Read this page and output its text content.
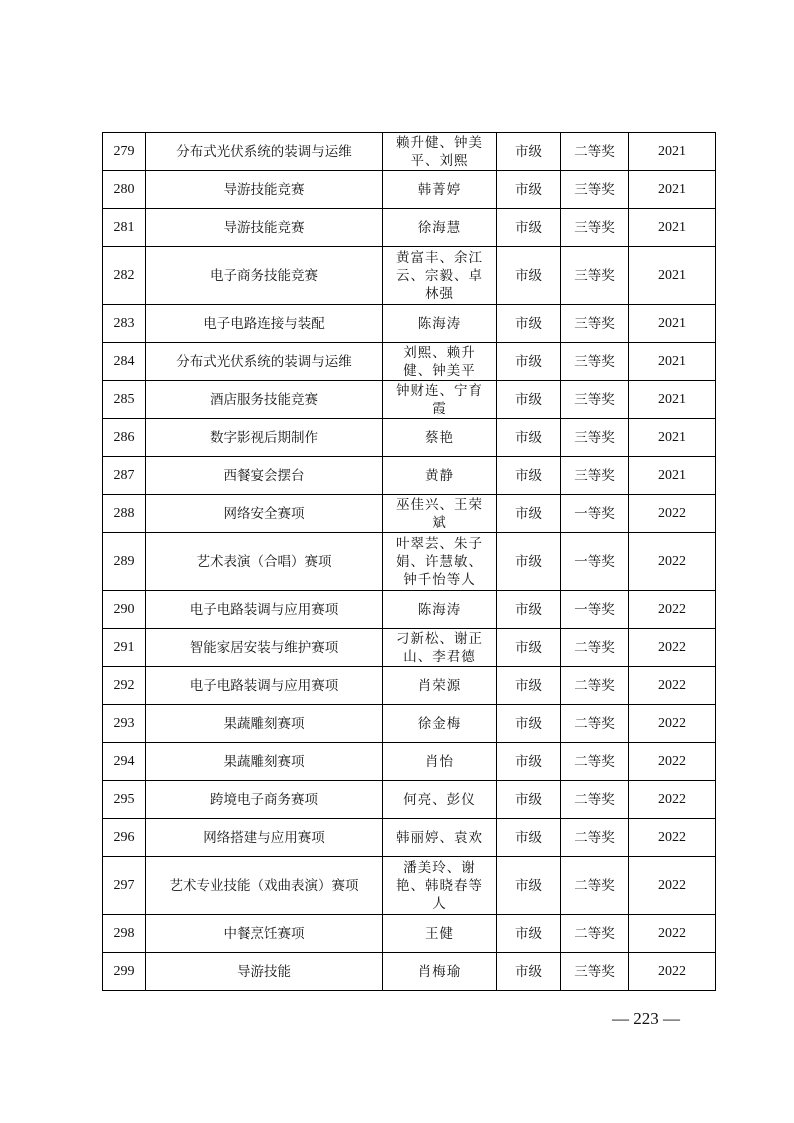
279	分布式光伏系统的装调与运维	赖升健、钟美
平、刘熙	市级	二等奖	2021
280	导游技能竞赛	韩菁婷	市级	三等奖	2021
281	导游技能竞赛	徐海慧	市级	三等奖	2021
282	电子商务技能竞赛	黄富丰、余江
云、宗毅、卓
林强	市级	三等奖	2021
283	电子电路连接与装配	陈海涛	市级	三等奖	2021
284	分布式光伏系统的装调与运维	刘熙、赖升
健、钟美平	市级	三等奖	2021
285	酒店服务技能竞赛	钟财连、宁育
霞	市级	三等奖	2021
286	数字影视后期制作	蔡艳	市级	三等奖	2021
287	西餐宴会摆台	黄静	市级	三等奖	2021
288	网络安全赛项	巫佳兴、王荣
斌	市级	一等奖	2022
289	艺术表演（合唱）赛项	叶翠芸、朱子
娟、许慧敏、
钟千怡等人	市级	一等奖	2022
290	电子电路装调与应用赛项	陈海涛	市级	一等奖	2022
291	智能家居安装与维护赛项	刁新松、谢正
山、李君德	市级	二等奖	2022
292	电子电路装调与应用赛项	肖荣源	市级	二等奖	2022
293	果蔬雕刻赛项	徐金梅	市级	二等奖	2022
294	果蔬雕刻赛项	肖怡	市级	二等奖	2022
295	跨境电子商务赛项	何亮、彭仪	市级	二等奖	2022
296	网络搭建与应用赛项	韩丽婷、袁欢	市级	二等奖	2022
297	艺术专业技能（戏曲表演）赛项	潘美玲、谢
艳、韩晓春等
人	市级	二等奖	2022
298	中餐烹饪赛项	王健	市级	二等奖	2022
299	导游技能	肖梅瑜	市级	三等奖	2022
— 223 —
